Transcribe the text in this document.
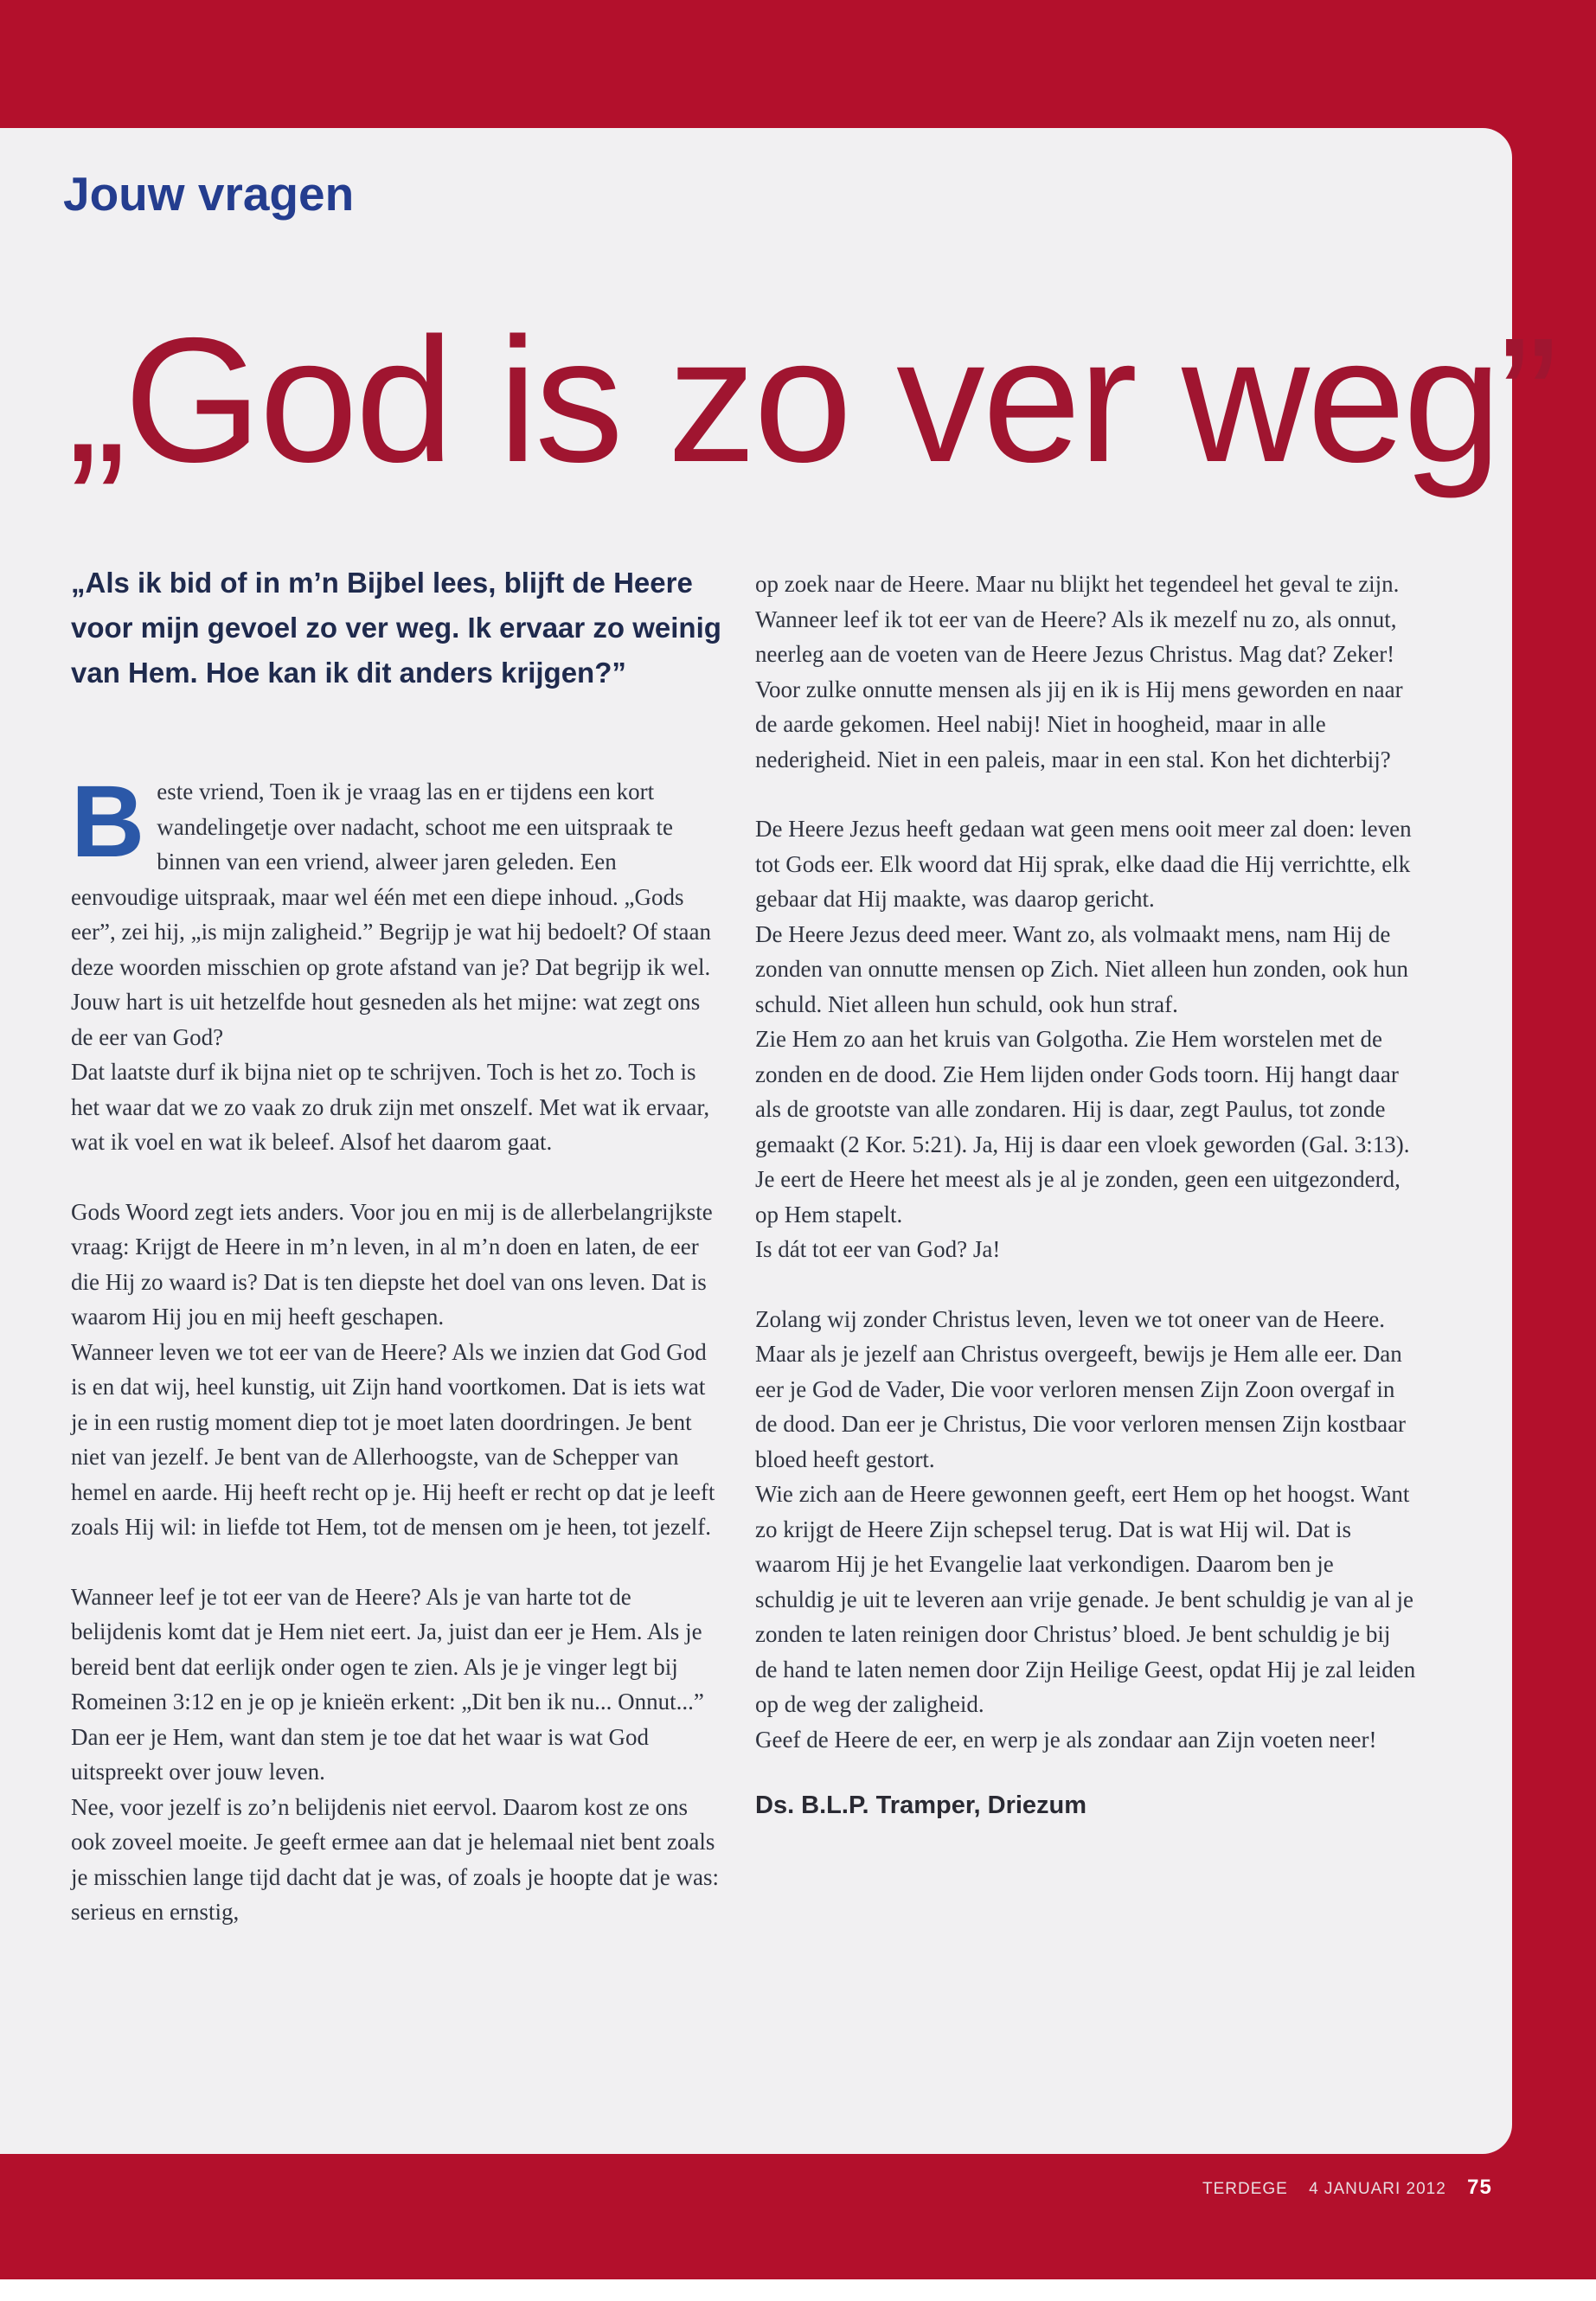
Jouw vragen
„God is zo ver weg”

„Als ik bid of in m’n Bijbel lees, blijft de Heere voor mijn gevoel zo ver weg. Ik ervaar zo weinig van Hem. Hoe kan ik dit anders krijgen?”

Beste vriend, Toen ik je vraag las en er tijdens een kort wandelingetje over nadacht, schoot me een uitspraak te binnen van een vriend, alweer jaren geleden. Een eenvoudige uitspraak, maar wel één met een diepe inhoud. „Gods eer”, zei hij, „is mijn zaligheid.” Begrijp je wat hij bedoelt? Of staan deze woorden misschien op grote afstand van je? Dat begrijp ik wel. Jouw hart is uit hetzelfde hout gesneden als het mijne: wat zegt ons de eer van God?

Dat laatste durf ik bijna niet op te schrijven. Toch is het zo. Toch is het waar dat we zo vaak zo druk zijn met onszelf. Met wat ik ervaar, wat ik voel en wat ik beleef. Alsof het daarom gaat.

Gods Woord zegt iets anders. Voor jou en mij is de allerbelangrijkste vraag: Krijgt de Heere in m’n leven, in al m’n doen en laten, de eer die Hij zo waard is? Dat is ten diepste het doel van ons leven. Dat is waarom Hij jou en mij heeft geschapen.

Wanneer leven we tot eer van de Heere? Als we inzien dat God God is en dat wij, heel kunstig, uit Zijn hand voortkomen. Dat is iets wat je in een rustig moment diep tot je moet laten doordringen. Je bent niet van jezelf. Je bent van de Allerhoogste, van de Schepper van hemel en aarde. Hij heeft recht op je. Hij heeft er recht op dat je leeft zoals Hij wil: in liefde tot Hem, tot de mensen om je heen, tot jezelf.

Wanneer leef je tot eer van de Heere? Als je van harte tot de belijdenis komt dat je Hem niet eert. Ja, juist dan eer je Hem. Als je bereid bent dat eerlijk onder ogen te zien. Als je je vinger legt bij Romeinen 3:12 en je op je knieën erkent: „Dit ben ik nu... Onnut...” Dan eer je Hem, want dan stem je toe dat het waar is wat God uitspreekt over jouw leven.

Nee, voor jezelf is zo’n belijdenis niet eervol. Daarom kost ze ons ook zoveel moeite. Je geeft ermee aan dat je helemaal niet bent zoals je misschien lange tijd dacht dat je was, of zoals je hoopte dat je was: serieus en ernstig,

op zoek naar de Heere. Maar nu blijkt het tegendeel het geval te zijn.

Wanneer leef ik tot eer van de Heere? Als ik mezelf nu zo, als onnut, neerleg aan de voeten van de Heere Jezus Christus. Mag dat? Zeker! Voor zulke onnutte mensen als jij en ik is Hij mens geworden en naar de aarde gekomen. Heel nabij! Niet in hoogheid, maar in alle nederigheid. Niet in een paleis, maar in een stal. Kon het dichterbij?

De Heere Jezus heeft gedaan wat geen mens ooit meer zal doen: leven tot Gods eer. Elk woord dat Hij sprak, elke daad die Hij verrichtte, elk gebaar dat Hij maakte, was daarop gericht.

De Heere Jezus deed meer. Want zo, als volmaakt mens, nam Hij de zonden van onnutte mensen op Zich. Niet alleen hun zonden, ook hun schuld. Niet alleen hun schuld, ook hun straf.

Zie Hem zo aan het kruis van Golgotha. Zie Hem worstelen met de zonden en de dood. Zie Hem lijden onder Gods toorn. Hij hangt daar als de grootste van alle zondaren. Hij is daar, zegt Paulus, tot zonde gemaakt (2 Kor. 5:21). Ja, Hij is daar een vloek geworden (Gal. 3:13).

Je eert de Heere het meest als je al je zonden, geen een uitgezonderd, op Hem stapelt.

Is dát tot eer van God? Ja!

Zolang wij zonder Christus leven, leven we tot oneer van de Heere. Maar als je jezelf aan Christus overgeeft, bewijs je Hem alle eer. Dan eer je God de Vader, Die voor verloren mensen Zijn Zoon overgaf in de dood. Dan eer je Christus, Die voor verloren mensen Zijn kostbaar bloed heeft gestort.

Wie zich aan de Heere gewonnen geeft, eert Hem op het hoogst. Want zo krijgt de Heere Zijn schepsel terug. Dat is wat Hij wil. Dat is waarom Hij je het Evangelie laat verkondigen. Daarom ben je schuldig je uit te leveren aan vrije genade. Je bent schuldig je van al je zonden te laten reinigen door Christus’ bloed. Je bent schuldig je bij de hand te laten nemen door Zijn Heilige Geest, opdat Hij je zal leiden op de weg der zaligheid.

Geef de Heere de eer, en werp je als zondaar aan Zijn voeten neer!

Ds. B.L.P. Tramper, Driezum

TERDEGE 4 JANUARI 2012 75
